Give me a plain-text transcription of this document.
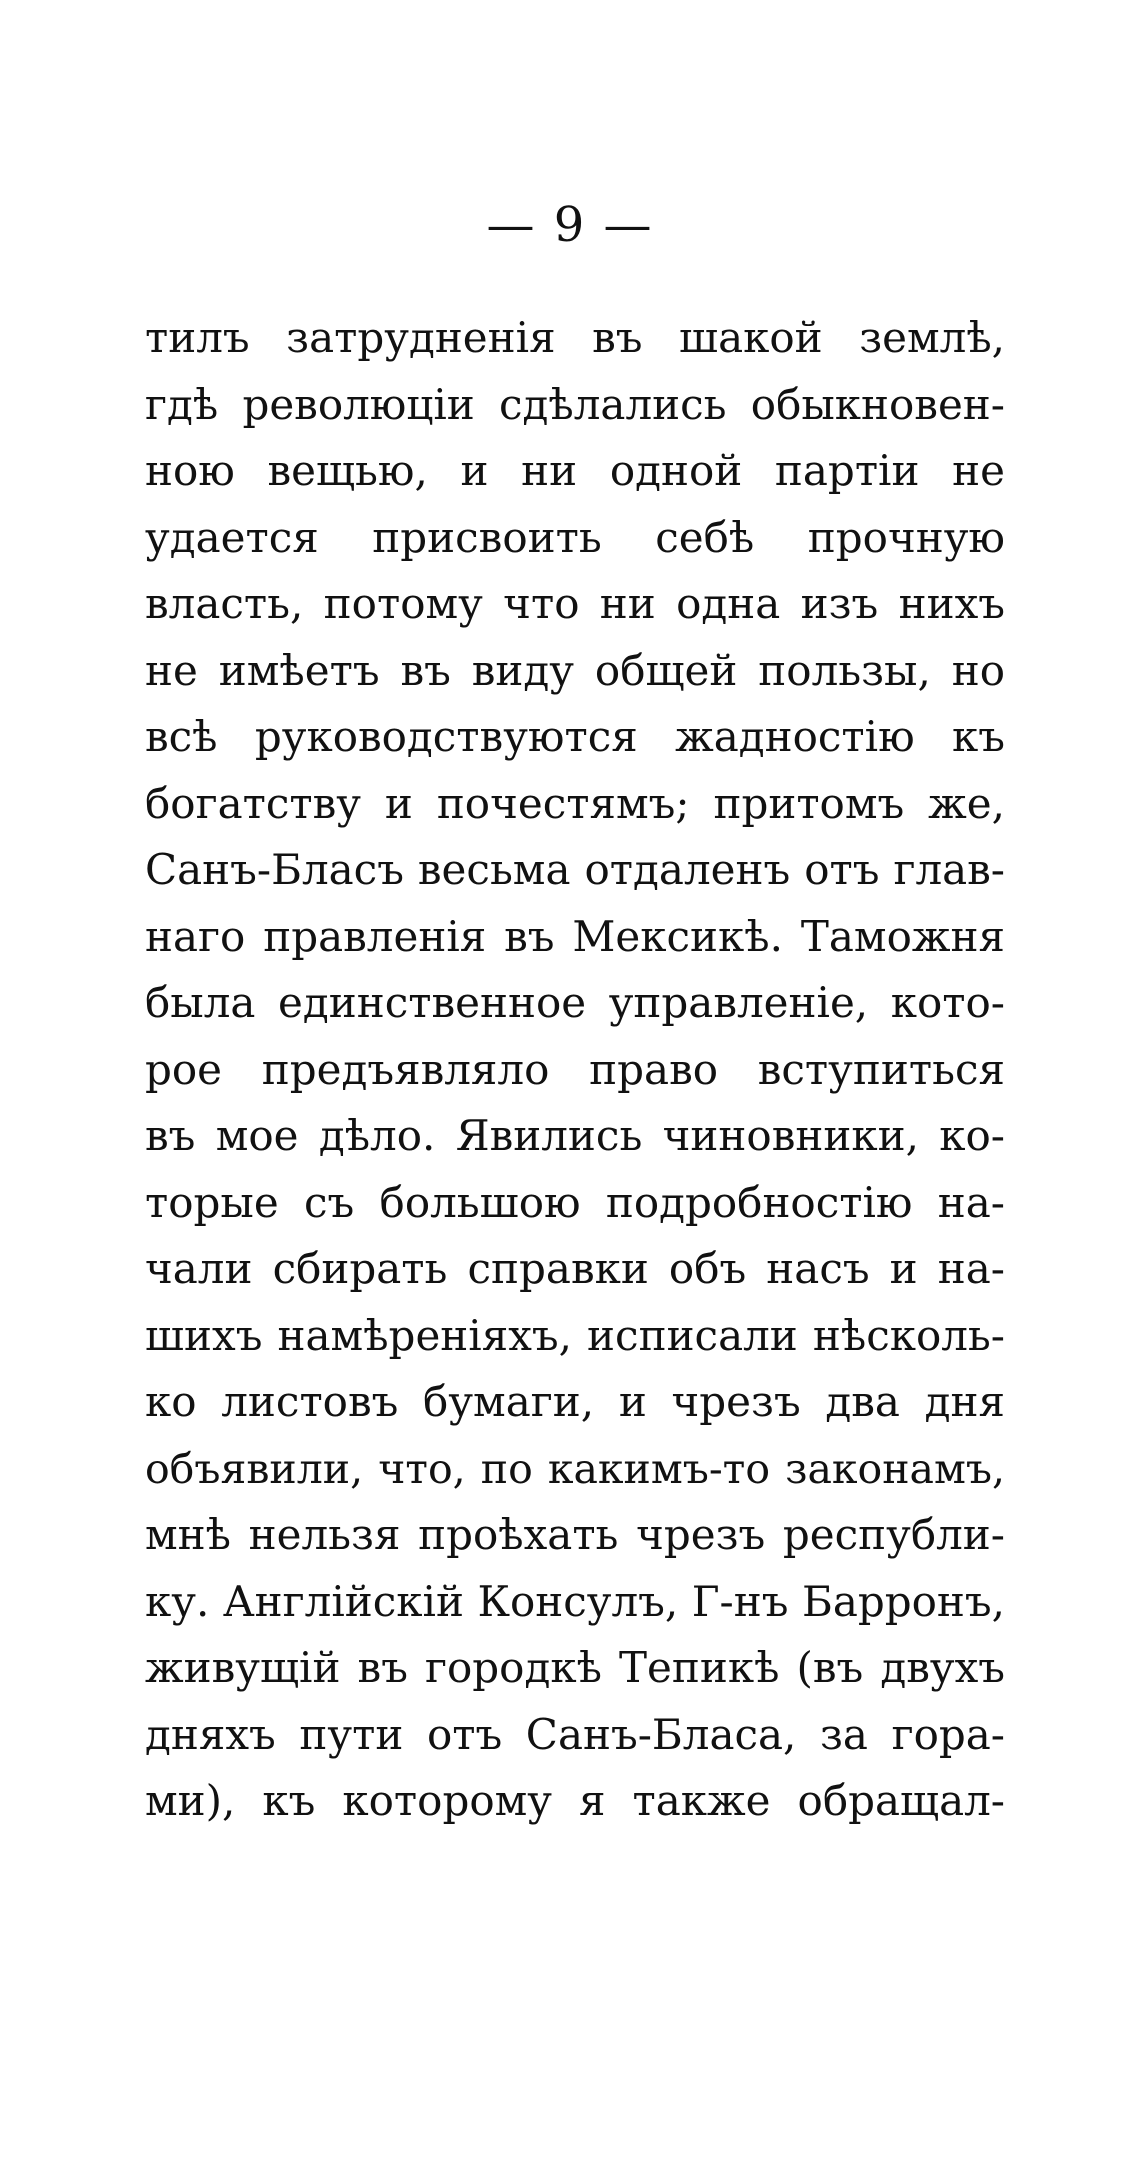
— 9 —
тилъ затрудненія въ шакой землѣ,
гдѣ революціи сдѣлались обыкновен-
ною вещью, и ни одной партіи не
удается присвоить себѣ прочную
власть, потому что ни одна изъ нихъ
не имѣетъ въ виду общей пользы, но
всѣ руководствуются жадностію къ
богатству и почестямъ; притомъ же,
Санъ-Бласъ весьма отдаленъ отъ глав-
наго правленія въ Мексикѣ. Таможня
была единственное управленіе, кото-
рое предъявляло право вступиться
въ мое дѣло. Явились чиновники, ко-
торые съ большою подробностію на-
чали сбирать справки объ насъ и на-
шихъ намѣреніяхъ, исписали нѣсколь-
ко листовъ бумаги, и чрезъ два дня
объявили, что, по какимъ-то законамъ,
мнѣ нельзя проѣхать чрезъ республи-
ку. Англійскій Консулъ, Г-нъ Барронъ,
живущій въ городкѣ Тепикѣ (въ двухъ
дняхъ пути отъ Санъ-Бласа, за гора-
ми), къ которому я также обращал-
